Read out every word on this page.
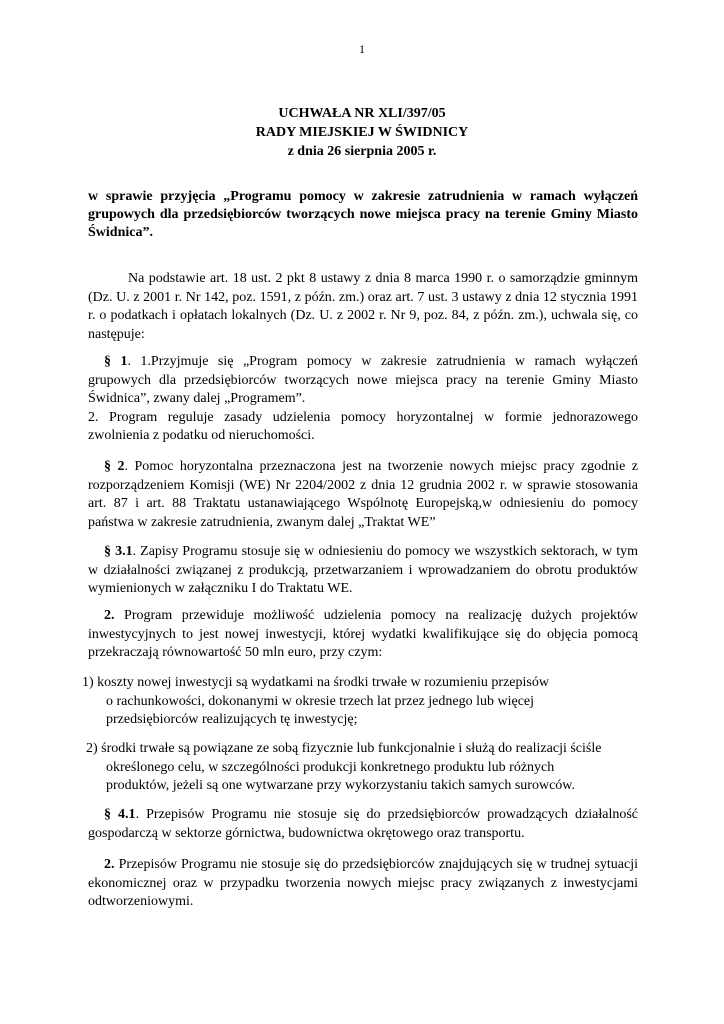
1
UCHWAŁA NR XLI/397/05
RADY MIEJSKIEJ W ŚWIDNICY
z dnia 26 sierpnia 2005 r.
w sprawie przyjęcia „Programu pomocy w zakresie zatrudnienia w ramach wyłączeń grupowych dla przedsiębiorców tworzących nowe miejsca pracy na terenie Gminy Miasto Świdnica”.
Na podstawie art. 18 ust. 2 pkt 8 ustawy z dnia 8 marca 1990 r. o samorządzie gminnym (Dz. U. z 2001 r. Nr 142, poz. 1591, z późn. zm.) oraz art. 7 ust. 3 ustawy z dnia 12 stycznia 1991 r. o podatkach i opłatach lokalnych (Dz. U. z 2002 r. Nr 9, poz. 84, z późn. zm.), uchwala się, co następuje:
§ 1. 1.Przyjmuje się „Program pomocy w zakresie zatrudnienia w ramach wyłączeń grupowych dla przedsiębiorców tworzących nowe miejsca pracy na terenie Gminy Miasto Świdnica”, zwany dalej „Programem”.
2. Program reguluje zasady udzielenia pomocy horyzontalnej w formie jednorazowego zwolnienia z podatku od nieruchomości.
§ 2. Pomoc horyzontalna przeznaczona jest na tworzenie nowych miejsc pracy zgodnie z rozporządzeniem Komisji (WE) Nr 2204/2002 z dnia 12 grudnia 2002 r. w sprawie stosowania art. 87 i art. 88 Traktatu ustanawiającego Wspólnotę Europejską,w odniesieniu do pomocy państwa w zakresie zatrudnienia, zwanym dalej „Traktat WE”
§ 3.1. Zapisy Programu stosuje się w odniesieniu do pomocy we wszystkich sektorach, w tym w działalności związanej z produkcją, przetwarzaniem i wprowadzaniem do obrotu produktów wymienionych w załączniku I do Traktatu WE.
2. Program przewiduje możliwość udzielenia pomocy na realizację dużych projektów inwestycyjnych to jest nowej inwestycji, której wydatki kwalifikujące się do objęcia pomocą przekraczają równowartość 50 mln euro, przy czym:
1) koszty nowej inwestycji są wydatkami na środki trwałe w rozumieniu przepisów
o rachunkowości, dokonanymi w okresie trzech lat przez jednego lub więcej
przedsiębiorców realizujących tę inwestycję;
2) środki trwałe są powiązane ze sobą fizycznie lub funkcjonalnie i służą do realizacji ściśle
określonego celu, w szczególności produkcji konkretnego produktu lub różnych
produktów, jeżeli są one wytwarzane przy wykorzystaniu takich samych surowców.
§ 4.1. Przepisów Programu nie stosuje się do przedsiębiorców prowadzących działalność gospodarczą w sektorze górnictwa, budownictwa okrętowego oraz transportu.
2. Przepisów Programu nie stosuje się do przedsiębiorców znajdujących się w trudnej sytuacji ekonomicznej oraz w przypadku tworzenia nowych miejsc pracy związanych z inwestycjami odtworzeniowymi.
